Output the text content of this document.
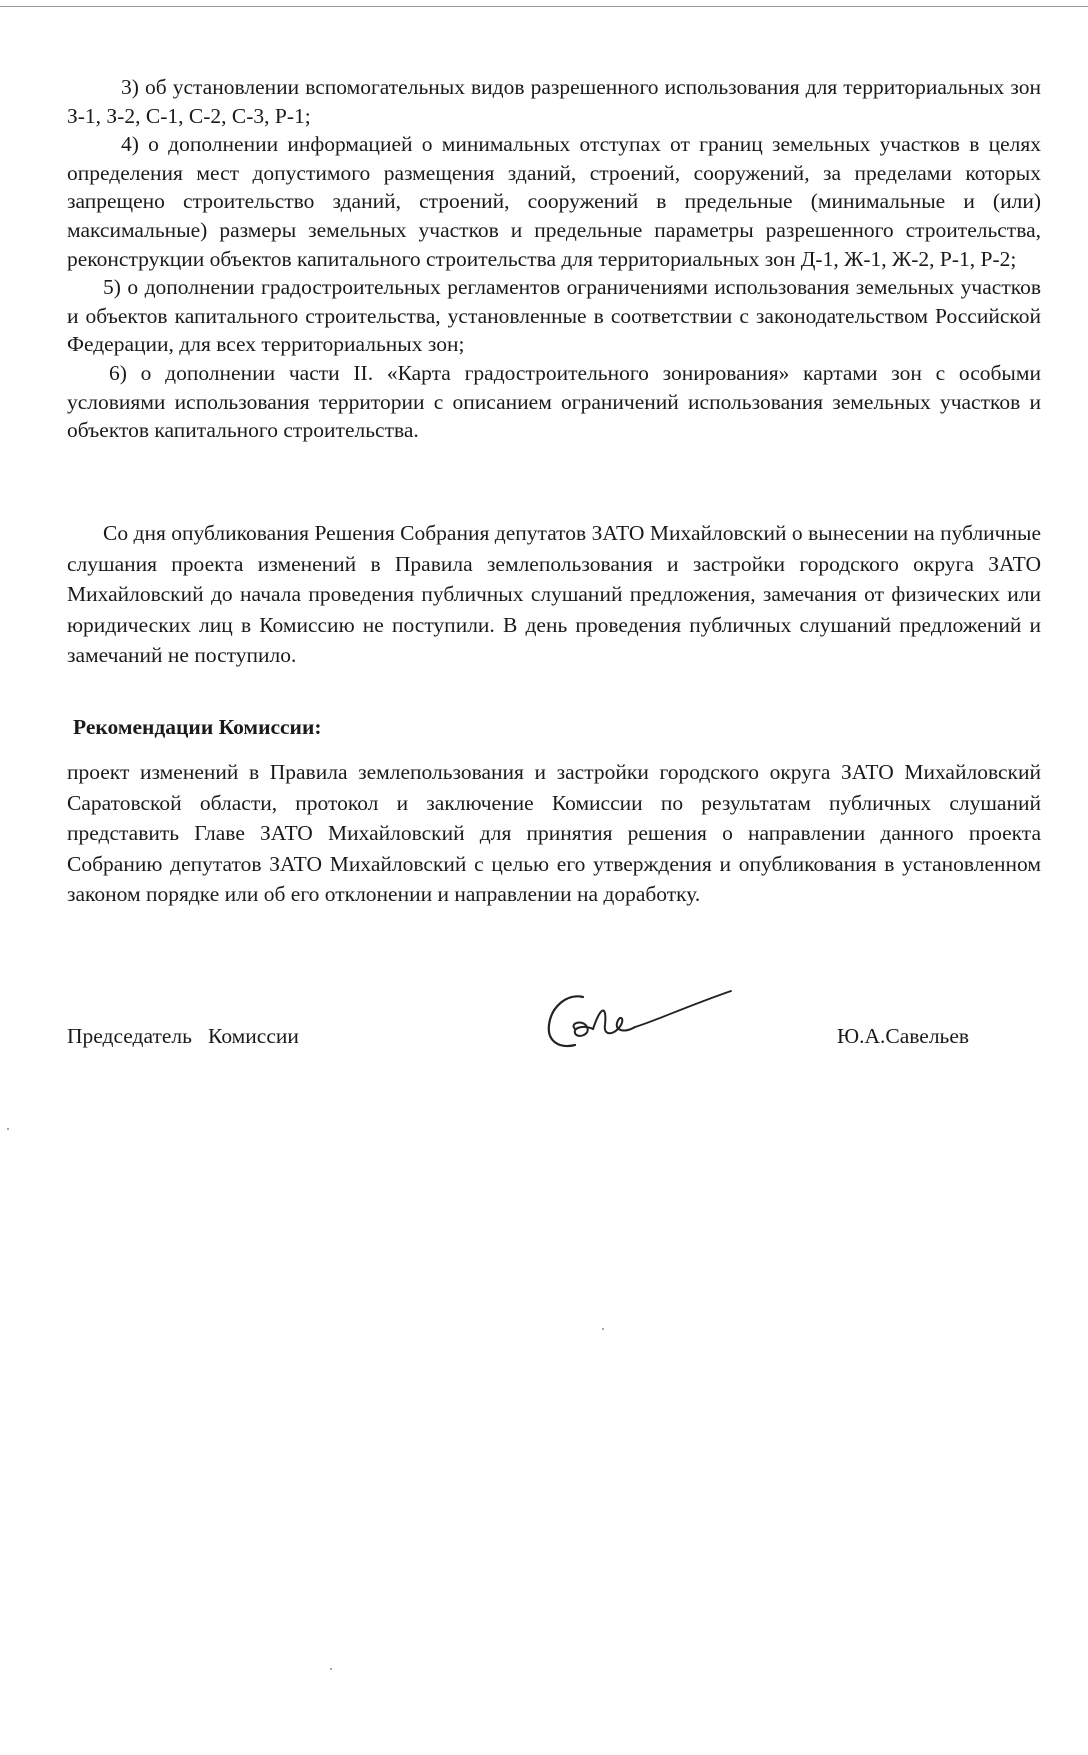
3) об установлении вспомогательных видов разрешенного использования для территориальных зон З-1, З-2, С-1, С-2, С-3, Р-1;

4) о дополнении информацией о минимальных отступах от границ земельных участков в целях определения мест допустимого размещения зданий, строений, сооружений, за пределами которых запрещено строительство зданий, строений, сооружений в предельные (минимальные и (или) максимальные) размеры земельных участков и предельные параметры разрешенного строительства, реконструкции объектов капитального строительства для территориальных зон Д-1, Ж-1, Ж-2, Р-1, Р-2;

5) о дополнении градостроительных регламентов ограничениями использования земельных участков и объектов капитального строительства, установленные в соответствии с законодательством Российской Федерации, для всех территориальных зон;

6) о дополнении части II. «Карта градостроительного зонирования» картами зон с особыми условиями использования территории с описанием ограничений использования земельных участков и объектов капитального строительства.

Со дня опубликования Решения Собрания депутатов ЗАТО Михайловский о вынесении на публичные слушания проекта изменений в Правила землепользования и застройки городского округа ЗАТО Михайловский до начала проведения публичных слушаний предложения, замечания от физических или юридических лиц в Комиссию не поступили. В день проведения публичных слушаний предложений и замечаний не поступило.

Рекомендации Комиссии:

проект изменений в Правила землепользования и застройки городского округа ЗАТО Михайловский Саратовской области, протокол и заключение Комиссии по результатам публичных слушаний представить Главе ЗАТО Михайловский для принятия решения о направлении данного проекта Собранию депутатов ЗАТО Михайловский с целью его утверждения и опубликования в установленном законом порядке или об его отклонении и направлении на доработку.

Председатель   Комиссии	Ю.А.Савельев
